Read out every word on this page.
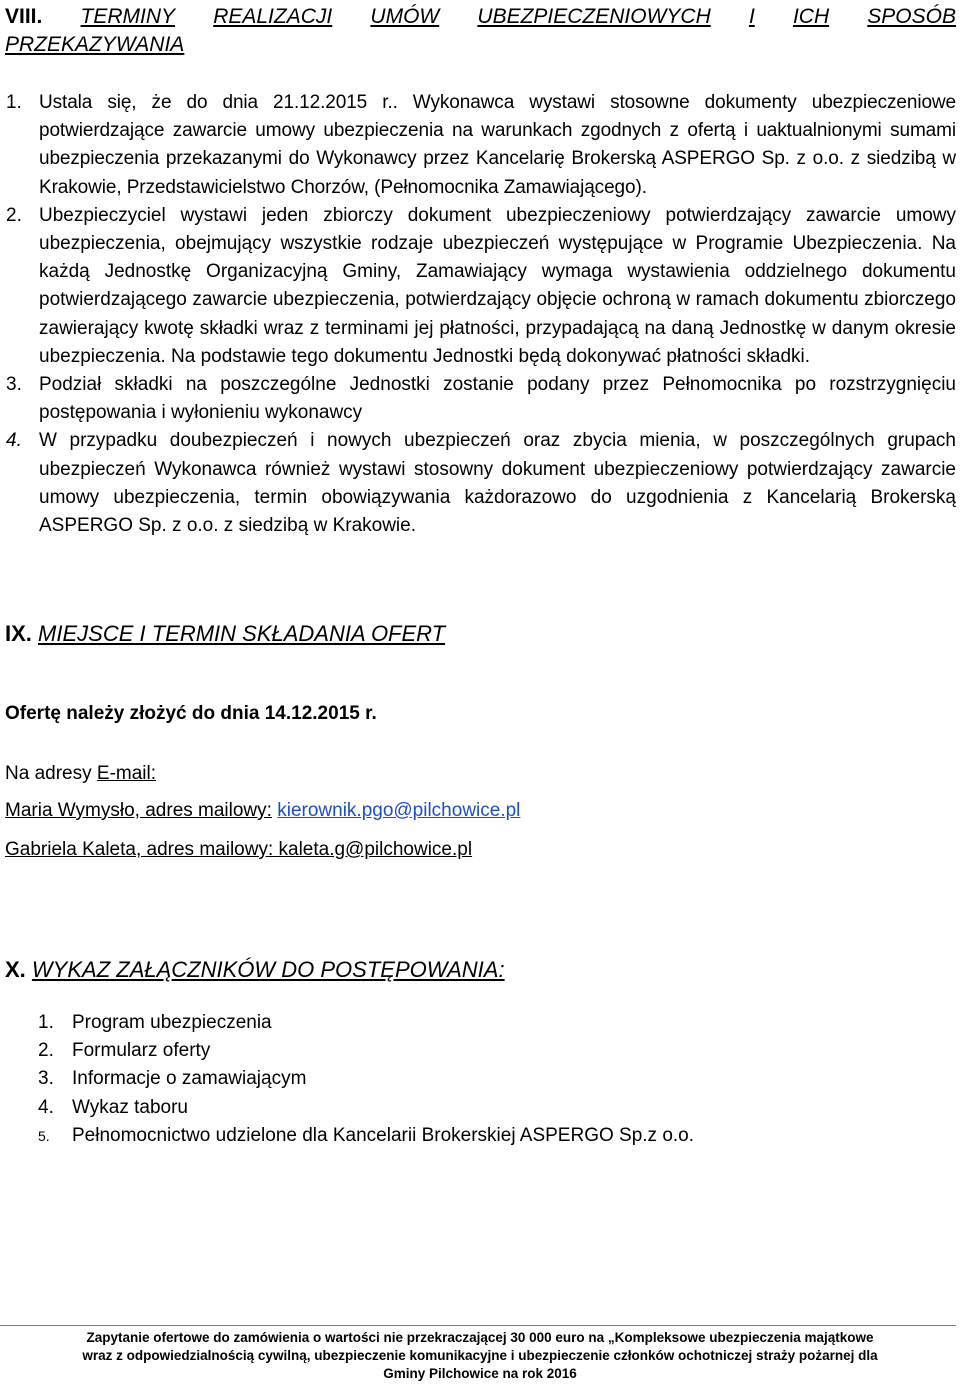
VIII. TERMINY REALIZACJI UMÓW UBEZPIECZENIOWYCH I ICH SPOSÓB
PRZEKAZYWANIA
1. Ustala się, że do dnia 21.12.2015 r.. Wykonawca wystawi stosowne dokumenty ubezpieczeniowe potwierdzające zawarcie umowy ubezpieczenia na warunkach zgodnych z ofertą i uaktualnionymi sumami ubezpieczenia przekazanymi do Wykonawcy przez Kancelarię Brokerską ASPERGO Sp. z o.o. z siedzibą w Krakowie, Przedstawicielstwo Chorzów, (Pełnomocnika Zamawiającego).
2. Ubezpieczyciel wystawi jeden zbiorczy dokument ubezpieczeniowy potwierdzający zawarcie umowy ubezpieczenia, obejmujący wszystkie rodzaje ubezpieczeń występujące w Programie Ubezpieczenia. Na każdą Jednostkę Organizacyjną Gminy, Zamawiający wymaga wystawienia oddzielnego dokumentu potwierdzającego zawarcie ubezpieczenia, potwierdzający objęcie ochroną w ramach dokumentu zbiorczego zawierający kwotę składki wraz z terminami jej płatności, przypadającą na daną Jednostkę w danym okresie ubezpieczenia. Na podstawie tego dokumentu Jednostki będą dokonywać płatności składki.
3. Podział składki na poszczególne Jednostki zostanie podany przez Pełnomocnika po rozstrzygnięciu postępowania i wyłonieniu wykonawcy
4. W przypadku doubezpieczeń i nowych ubezpieczeń oraz zbycia mienia, w poszczególnych grupach ubezpieczeń Wykonawca również wystawi stosowny dokument ubezpieczeniowy potwierdzający zawarcie umowy ubezpieczenia, termin obowiązywania każdorazowo do uzgodnienia z Kancelarią Brokerską ASPERGO Sp. z o.o. z siedzibą w Krakowie.
IX. MIEJSCE I TERMIN SKŁADANIA OFERT
Ofertę należy złożyć do dnia 14.12.2015 r.
Na adresy E-mail:
Maria Wymysło, adres mailowy: kierownik.pgo@pilchowice.pl
Gabriela Kaleta, adres mailowy: kaleta.g@pilchowice.pl
X. WYKAZ ZAŁĄCZNIKÓW DO POSTĘPOWANIA:
1. Program ubezpieczenia
2. Formularz oferty
3. Informacje o zamawiającym
4. Wykaz taboru
5. Pełnomocnictwo udzielone dla Kancelarii Brokerskiej ASPERGO Sp.z o.o.
Zapytanie ofertowe do zamówienia o wartości nie przekraczającej 30 000 euro na „Kompleksowe ubezpieczenia majątkowe
wraz z odpowiedzialnością cywilną, ubezpieczenie komunikacyjne i ubezpieczenie członków ochotniczej straży pożarnej dla
Gminy Pilchowice na rok 2016
